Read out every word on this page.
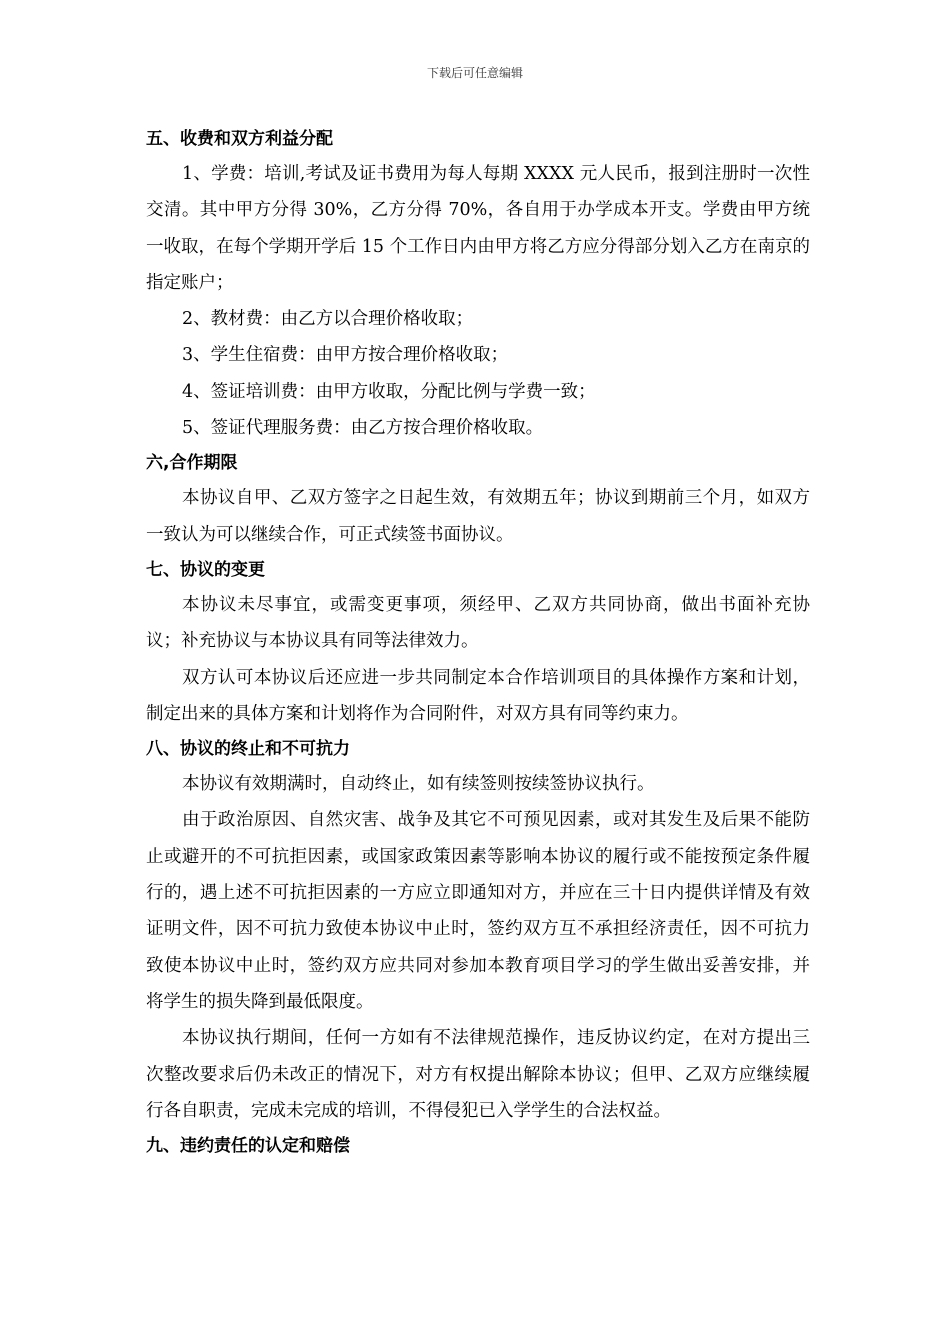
下载后可任意编辑
五、收费和双方利益分配

1、学费：培训,考试及证书费用为每人每期 XXXX 元人民币，报到注册时一次性交清。其中甲方分得 30%，乙方分得 70%，各自用于办学成本开支。学费由甲方统一收取，在每个学期开学后 15 个工作日内由甲方将乙方应分得部分划入乙方在南京的指定账户；

2、教材费：由乙方以合理价格收取；

3、学生住宿费：由甲方按合理价格收取；

4、签证培训费：由甲方收取，分配比例与学费一致；

5、签证代理服务费：由乙方按合理价格收取。

六,合作期限

本协议自甲、乙双方签字之日起生效，有效期五年；协议到期前三个月，如双方一致认为可以继续合作，可正式续签书面协议。

七、协议的变更

本协议未尽事宜，或需变更事项，须经甲、乙双方共同协商，做出书面补充协议；补充协议与本协议具有同等法律效力。

双方认可本协议后还应进一步共同制定本合作培训项目的具体操作方案和计划，制定出来的具体方案和计划将作为合同附件，对双方具有同等约束力。

八、协议的终止和不可抗力

本协议有效期满时，自动终止，如有续签则按续签协议执行。

由于政治原因、自然灾害、战争及其它不可预见因素，或对其发生及后果不能防止或避开的不可抗拒因素，或国家政策因素等影响本协议的履行或不能按预定条件履行的，遇上述不可抗拒因素的一方应立即通知对方，并应在三十日内提供详情及有效证明文件，因不可抗力致使本协议中止时，签约双方互不承担经济责任，因不可抗力致使本协议中止时，签约双方应共同对参加本教育项目学习的学生做出妥善安排，并将学生的损失降到最低限度。

本协议执行期间，任何一方如有不法律规范操作，违反协议约定，在对方提出三次整改要求后仍未改正的情况下，对方有权提出解除本协议；但甲、乙双方应继续履行各自职责，完成未完成的培训，不得侵犯已入学学生的合法权益。

九、违约责任的认定和赔偿
